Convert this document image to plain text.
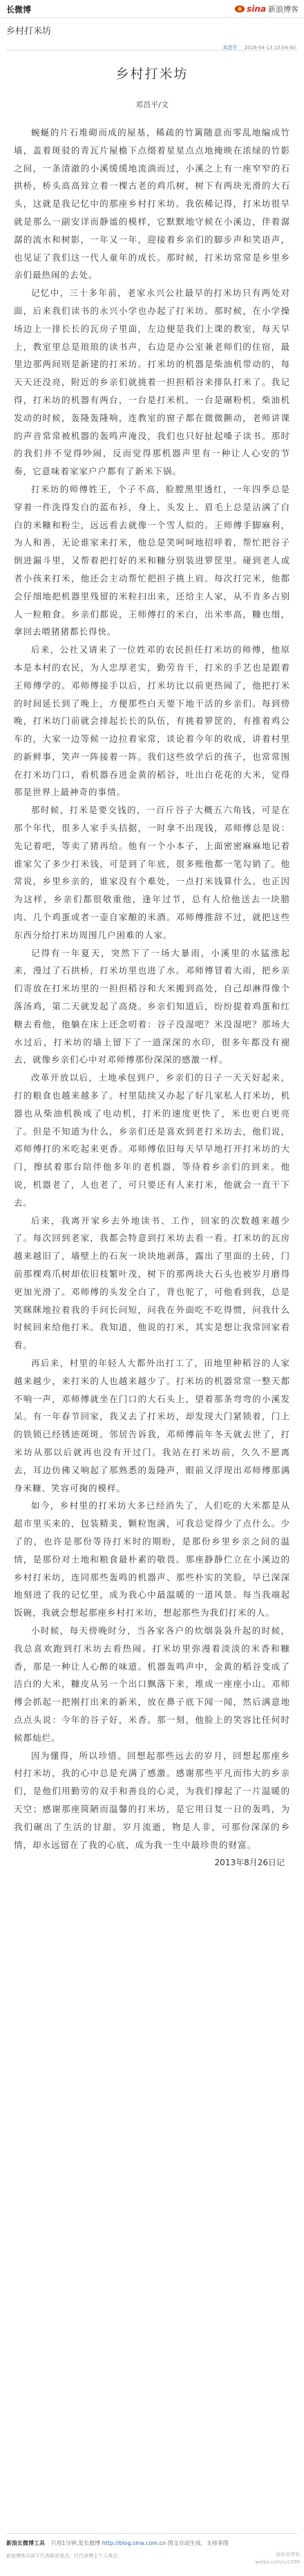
长微博	sina 新浪博客
乡村打米坊
邓昌平 2016-04-13 10:04:40
乡村打米坊
邓昌平/文

蜿蜒的片石堆砌而成的屋基，稀疏的竹篱随意而零乱地编成竹墙，盖着斑驳的青瓦片屋檐下点缀着星星点点地掩映在浓绿的竹影之间，一条清澈的小溪缓缓地流淌而过，小溪之上有一座窄窄的石拱桥，桥头高高耸立着一棵古老的鸡爪树，树下有两块光滑的大石头，这就是我记忆中的那座乡村打米坊。我依稀记得，打米坊很早就是那么一副安详而静谧的模样，它默默地守候在小溪边，伴着潺潺的流水和树影，一年又一年，迎接着乡亲们的脚步声和笑语声，也见证了我们这一代人童年的成长。那时候，打米坊常常是乡里乡亲们最热闹的去处。

记忆中，三十多年前，老家永兴公社最早的打米坊只有两处对面，后来我们读书的永兴小学也办起了打米坊。那时候，在小学操场边上一排长长的瓦房子里面，左边便是我们上课的教室，每天早上，教室里总是琅琅的读书声，右边是办公室兼老师们的住宿，最里边那两间则是新建的打米坊。打米坊的机器是柴油机带动的，每天天还没亮，附近的乡亲们就挑着一担担稻谷来排队打米了。我记得，打米坊的机器有两台，一台是打米机，一台是碾粉机。柴油机发动的时候，轰隆轰隆响，连教室的窗子都在微微颤动，老师讲课的声音常常被机器的轰鸣声淹没，我们也只好扯起嗓子读书。那时的我们并不觉得吵闹，反而觉得那机器声里有一种让人心安的节奏，它意味着家家户户都有了新米下锅。

打米坊的师傅姓王，个子不高，脸膛黑里透红，一年四季总是穿着一件洗得发白的蓝布衫，身上、头发上、眉毛上总是沾满了白白的米糠和粉尘，远远看去就像一个雪人似的。王师傅手脚麻利，为人和善，无论谁家来打米，他总是笑呵呵地招呼着，帮忙把谷子倒进漏斗里，又帮着把打好的米和糠分别装进箩筐里。碰到老人或者小孩来打米，他还会主动帮忙把担子挑上肩。每次打完米，他都会仔细地把机器里残留的米粒扫出来，还给主人家，从不肯多占别人一粒粮食。乡亲们都说，王师傅打的米白，出米率高，糠也细，拿回去喂猪猪都长得快。

后来，公社又请来了一位姓邓的农民担任打米坊的师傅，他原本是本村的农民，为人忠厚老实，勤劳肯干，打米的手艺也是跟着王师傅学的。邓师傅接手以后，打米坊比以前更热闹了，他把打米的时间延长到了晚上，方便那些白天要下地干活的乡亲们。每到傍晚，打米坊门前就会排起长长的队伍，有挑着箩筐的，有推着鸡公车的，大家一边等候一边拉着家常，谈论着今年的收成，讲着村里的新鲜事，笑声一阵接着一阵。我们这些放学后的孩子，也常常围在打米坊门口，看机器吞进金黄的稻谷，吐出白花花的大米，觉得那是世界上最神奇的事情。

那时候，打米是要交钱的，一百斤谷子大概五六角钱，可是在那个年代，很多人家手头拮据，一时拿不出现钱，邓师傅总是说：先记着吧，等卖了猪再给。他有一个小本子，上面密密麻麻地记着谁家欠了多少打米钱，可是到了年底，很多账他都一笔勾销了。他常说，乡里乡亲的，谁家没有个难处，一点打米钱算什么。也正因为这样，乡亲们都很敬重他，逢年过节，总有人给他送去一块腊肉、几个鸡蛋或者一壶自家酿的米酒。邓师傅推辞不过，就把这些东西分给打米坊周围几户困难的人家。

记得有一年夏天，突然下了一场大暴雨，小溪里的水猛涨起来，漫过了石拱桥，打米坊里也进了水。邓师傅冒着大雨，把乡亲们寄放在打米坊里的一担担稻谷和大米搬到高处，自己却淋得像个落汤鸡，第二天就发起了高烧。乡亲们知道后，纷纷提着鸡蛋和红糖去看他，他躺在床上还念叨着：谷子没湿吧？米没湿吧？那场大水过后，打米坊的墙上留下了一道深深的水印，很多年都没有褪去，就像乡亲们心中对邓师傅那份深深的感激一样。

改革开放以后，土地承包到户，乡亲们的日子一天天好起来，打的粮食也越来越多了。村里陆续又办起了好几家私人打米坊，机器也从柴油机换成了电动机，打米的速度更快了，米也更白更亮了。但是不知道为什么，乡亲们还是喜欢到老打米坊去，他们说，邓师傅打的米吃起来更香。邓师傅依旧每天早早地打开打米坊的大门，擦拭着那台陪伴他多年的老机器，等待着乡亲们的到来。他说，机器老了，人也老了，可只要还有人来打米，他就会一直干下去。

后来，我离开家乡去外地读书、工作，回家的次数越来越少了。每次回到老家，我都会特意到打米坊去看一看。打米坊的瓦房越来越旧了，墙壁上的石灰一块块地剥落，露出了里面的土砖，门前那棵鸡爪树却依旧枝繁叶茂，树下的那两块大石头也被岁月磨得更加光滑了。邓师傅的头发全白了，背也驼了，可他看到我，总是笑眯眯地拉着我的手问长问短，问我在外面吃不吃得惯，问我什么时候回来给他打米。我知道，他说的打米，其实是想让我常回家看看。

再后来，村里的年轻人大都外出打工了，田地里种稻谷的人家越来越少，来打米的人也越来越少了。打米坊的机器常常一整天都不响一声，邓师傅就坐在门口的大石头上，望着那条弯弯的小溪发呆。有一年春节回家，我又去了打米坊，却发现大门紧锁着，门上的铁锁已经锈迹斑斑。邻居告诉我，邓师傅前年冬天就去世了，打米坊从那以后就再也没有开过门。我站在打米坊前，久久不愿离去，耳边仿佛又响起了那熟悉的轰隆声，眼前又浮现出邓师傅那满身米糠、笑容可掬的模样。

如今，乡村里的打米坊大多已经消失了，人们吃的大米都是从超市里买来的，包装精美，颗粒饱满，可我总觉得少了点什么。少了的，也许是那份等待打米时的期盼，是那份乡里乡亲之间的温情，是那份对土地和粮食最朴素的敬畏。那座静静伫立在小溪边的乡村打米坊，连同那些轰鸣的机器声、那些朴实的笑脸，早已深深地刻进了我的记忆里，成为我心中最温暖的一道风景。每当我端起饭碗，我就会想起那座乡村打米坊，想起那些为我们打米的人。

小时候，每天傍晚时分，当各家各户的炊烟袅袅升起的时候，我总喜欢跑到打米坊去看热闹。打米坊里弥漫着淡淡的米香和糠香，那是一种让人心醉的味道。机器轰鸣声中，金黄的稻谷变成了洁白的大米，糠皮从另一个出口飘落下来，堆成一座座小山。邓师傅会抓起一把刚打出来的新米，放在鼻子底下闻一闻，然后满意地点点头说：今年的谷子好，米香。那一刻，他脸上的笑容比任何时候都灿烂。

因为懂得，所以珍惜。回想起那些远去的岁月，回想起那座乡村打米坊，我的心中总是充满了感激。感谢那些平凡而伟大的乡亲们，是他们用勤劳的双手和善良的心灵，为我们撑起了一片温暖的天空；感谢那座简陋而温馨的打米坊，是它用日复一日的轰鸣，为我们碾出了生活的甘甜。岁月流逝，物是人非，可那份深深的乡情，却永远留在了我的心底，成为我一生中最珍贵的财富。

2013年8月26日记
新浪长微博工具 只用1分钟,发长微博 http://blog.sina.com.cn 图文自动生成，支持多图
新浪博客页面不代表新浪观点，仅代表博主个人观点	@新浪博客
weibo.com/u/1999
